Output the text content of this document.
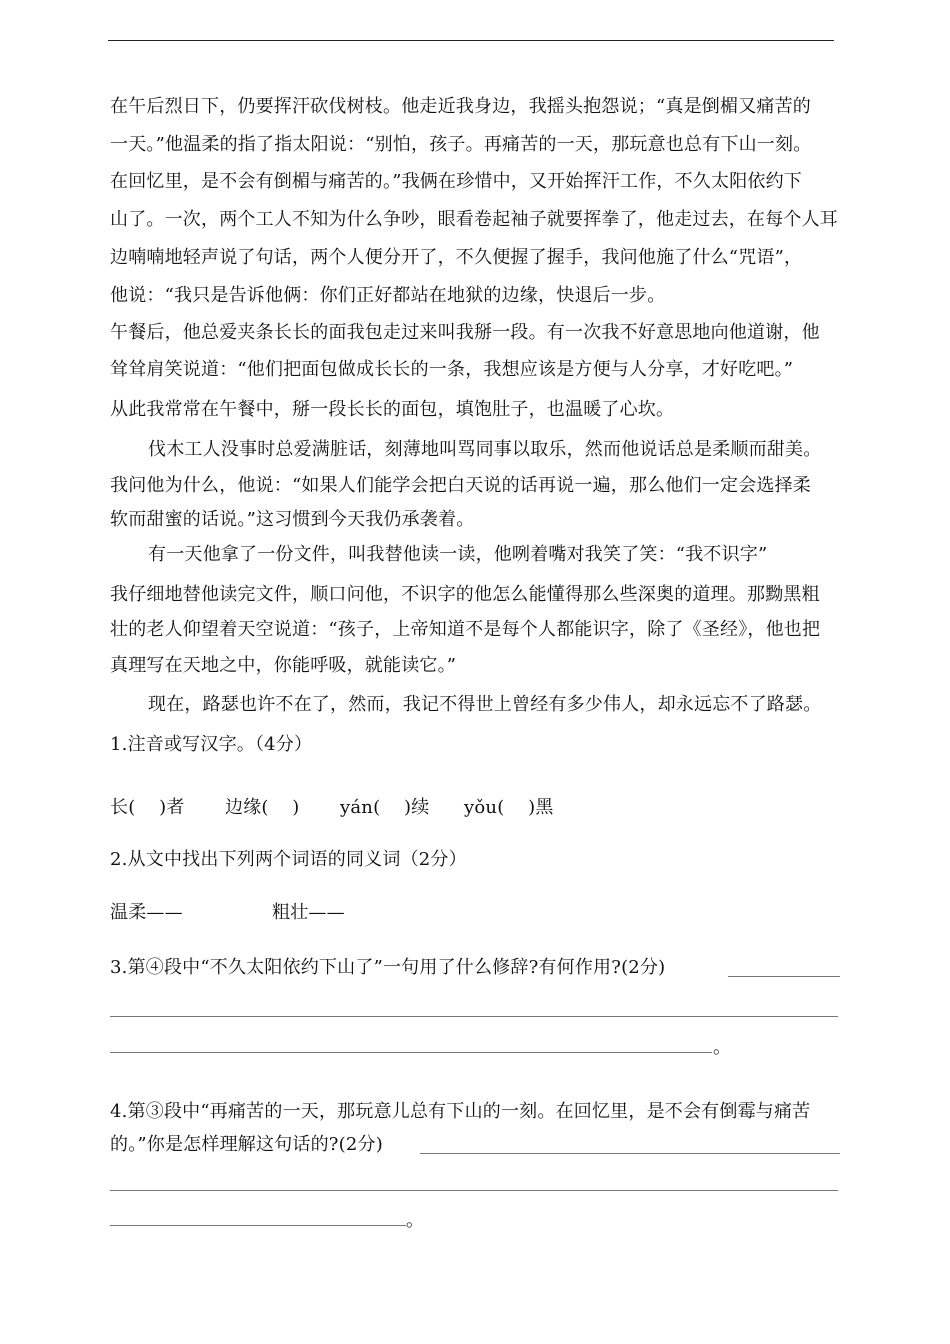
在午后烈日下，仍要挥汗砍伐树枝。他走近我身边，我摇头抱怨说；“真是倒楣又痛苦的
一天。”他温柔的指了指太阳说：“别怕，孩子。再痛苦的一天，那玩意也总有下山一刻。
在回忆里，是不会有倒楣与痛苦的。”我俩在珍惜中，又开始挥汗工作，不久太阳依约下
山了。一次，两个工人不知为什么争吵，眼看卷起袖子就要挥拳了，他走过去，在每个人耳
边喃喃地轻声说了句话，两个人便分开了，不久便握了握手，我问他施了什么“咒语”，
他说：“我只是告诉他俩：你们正好都站在地狱的边缘，快退后一步。
午餐后，他总爱夹条长长的面我包走过来叫我掰一段。有一次我不好意思地向他道谢，他
耸耸肩笑说道：“他们把面包做成长长的一条，我想应该是方便与人分享，才好吃吧。”
从此我常常在午餐中，掰一段长长的面包，填饱肚子，也温暖了心坎。
伐木工人没事时总爱满脏话，刻薄地叫骂同事以取乐，然而他说话总是柔顺而甜美。
我问他为什么，他说：“如果人们能学会把白天说的话再说一遍，那么他们一定会选择柔
软而甜蜜的话说。”这习惯到今天我仍承袭着。
有一天他拿了一份文件，叫我替他读一读，他咧着嘴对我笑了笑：“我不识字”
我仔细地替他读完文件，顺口问他，不识字的他怎么能懂得那么些深奥的道理。那黝黑粗
壮的老人仰望着天空说道：“孩子，上帝知道不是每个人都能识字，除了《圣经》，他也把
真理写在天地之中，你能呼吸，就能读它。”
现在，路瑟也许不在了，然而，我记不得世上曾经有多少伟人，却永远忘不了路瑟。
1.注音或写汉字。（4分）
长(    )者 边缘(    ) yán(    )续 yǒu(    )黑
2.从文中找出下列两个词语的同义词（2分）
温柔——	粗壮——
3.第④段中“不久太阳依约下山了”一句用了什么修辞?有何作用?(2分)
。
4.第③段中“再痛苦的一天，那玩意儿总有下山的一刻。在回忆里，是不会有倒霉与痛苦
的。”你是怎样理解这句话的?(2分)
。
